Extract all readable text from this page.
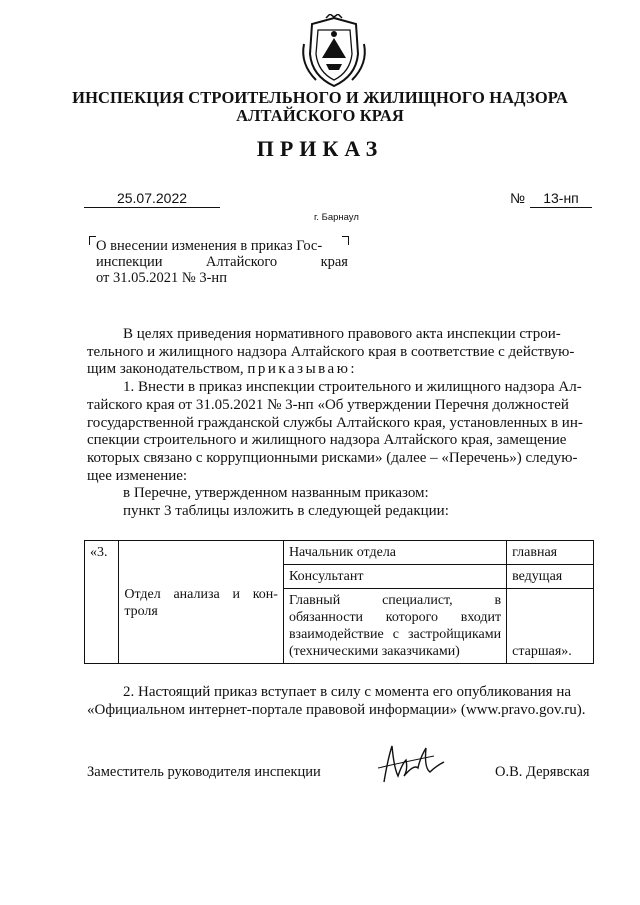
ИНСПЕКЦИЯ СТРОИТЕЛЬНОГО И ЖИЛИЩНОГО НАДЗОРА
АЛТАЙСКОГО КРАЯ
ПРИКАЗ
25.07.2022	№	13-нп
г. Барнаул
О внесении изменения в приказ Гос-
инспекции	Алтайского	края
от 31.05.2021 № 3-нп

В целях приведения нормативного правового акта инспекции строи-

тельного и жилищного надзора Алтайского края в соответствие с действую-

щим законодательством, приказываю:

1. Внести в приказ инспекции строительного и жилищного надзора Ал-

тайского края от 31.05.2021 № 3-нп «Об утверждении Перечня должностей

государственной гражданской службы Алтайского края, установленных в ин-

спекции строительного и жилищного надзора Алтайского края, замещение

которых связано с коррупционными рисками» (далее – «Перечень») следую-

щее изменение:

в Перечне, утвержденном названным приказом:

пункт 3 таблицы изложить в следующей редакции:

«3.	Отдел анализа и кон- троля	Начальник отдела	главная
		Консультант	ведущая
		Главный специалист, в обязанности которого входит взаимодействие с застройщиками (техническими заказчиками)	старшая».

2. Настоящий приказ вступает в силу с момента его опубликования на

«Официальном интернет-портале правовой информации» (www.pravo.gov.ru).

Заместитель руководителя инспекции	О.В. Дерявская
